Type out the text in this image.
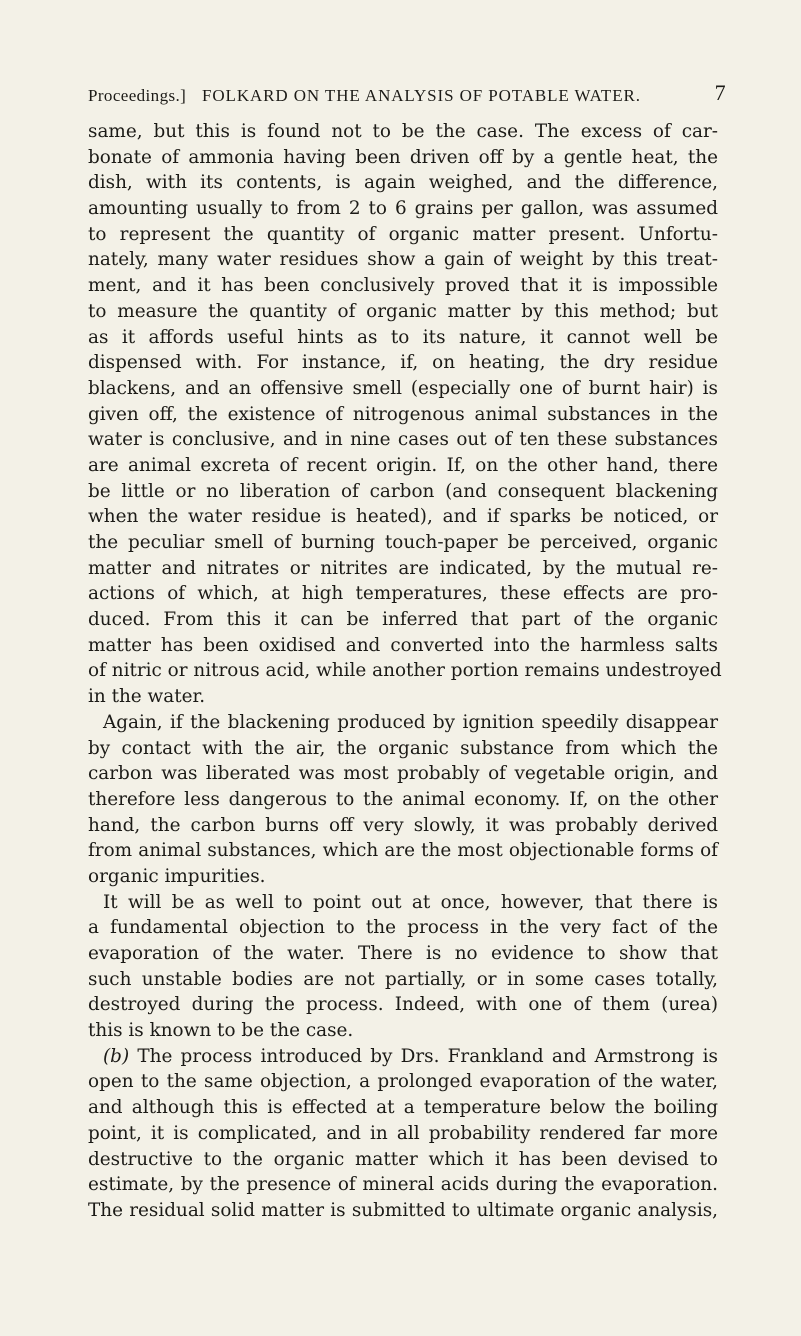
Proceedings.] FOLKARD ON THE ANALYSIS OF POTABLE WATER.	7
same, but this is found not to be the case. The excess of car-
bonate of ammonia having been driven off by a gentle heat, the
dish, with its contents, is again weighed, and the difference,
amounting usually to from 2 to 6 grains per gallon, was assumed
to represent the quantity of organic matter present. Unfortu-
nately, many water residues show a gain of weight by this treat-
ment, and it has been conclusively proved that it is impossible
to measure the quantity of organic matter by this method; but
as it affords useful hints as to its nature, it cannot well be
dispensed with. For instance, if, on heating, the dry residue
blackens, and an offensive smell (especially one of burnt hair) is
given off, the existence of nitrogenous animal substances in the
water is conclusive, and in nine cases out of ten these substances
are animal excreta of recent origin. If, on the other hand, there
be little or no liberation of carbon (and consequent blackening
when the water residue is heated), and if sparks be noticed, or
the peculiar smell of burning touch-paper be perceived, organic
matter and nitrates or nitrites are indicated, by the mutual re-
actions of which, at high temperatures, these effects are pro-
duced. From this it can be inferred that part of the organic
matter has been oxidised and converted into the harmless salts
of nitric or nitrous acid, while another portion remains undestroyed
in the water.
Again, if the blackening produced by ignition speedily disappear
by contact with the air, the organic substance from which the
carbon was liberated was most probably of vegetable origin, and
therefore less dangerous to the animal economy. If, on the other
hand, the carbon burns off very slowly, it was probably derived
from animal substances, which are the most objectionable forms of
organic impurities.
It will be as well to point out at once, however, that there is
a fundamental objection to the process in the very fact of the
evaporation of the water. There is no evidence to show that
such unstable bodies are not partially, or in some cases totally,
destroyed during the process. Indeed, with one of them (urea)
this is known to be the case.
(b) The process introduced by Drs. Frankland and Armstrong is
open to the same objection, a prolonged evaporation of the water,
and although this is effected at a temperature below the boiling
point, it is complicated, and in all probability rendered far more
destructive to the organic matter which it has been devised to
estimate, by the presence of mineral acids during the evaporation.
The residual solid matter is submitted to ultimate organic analysis,
